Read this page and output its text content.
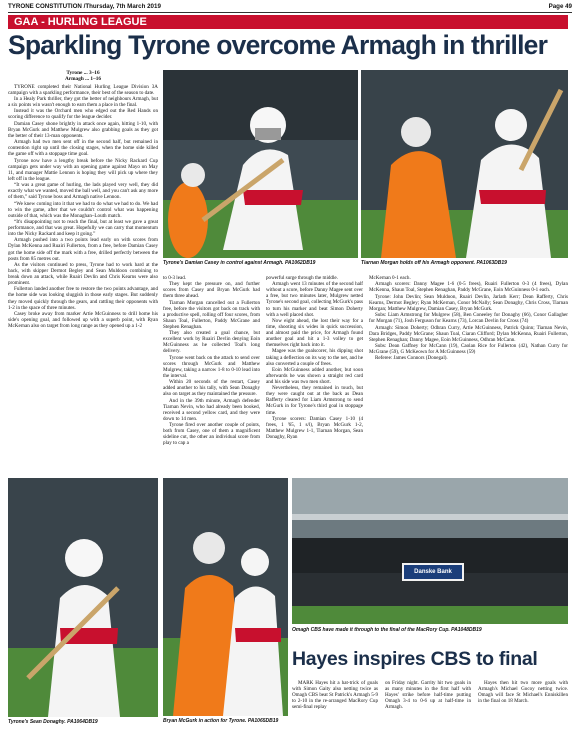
TYRONE CONSTITUTION /Thursday, 7th March 2019	Page 49
GAA - HURLING LEAGUE
Sparkling Tyrone overcome Armagh in thriller
Tyrone ... 3–16
Armagh ... 1–16

TYRONE completed their National Hurling League Division 3A campaign with a sparkling performance, their best of the season to date.

In a Healy Park thriller, they got the better of neighbours Armagh, but a six points win wasn't enough to earn them a place in the final.

Instead it was the Orchard men who edged out the Red Hands on scoring difference to qualify for the league decider.

Damian Casey shone brightly in attack once again, hitting 1-10, with Bryan McGurk and Matthew Mulgrew also grabbing goals as they got the better of their 13-man opponents.

Armagh had two men sent off in the second half, but remained in contention right up until the closing stages, when the home side killed the game off with a stoppage time goal.

Tyrone now have a lengthy break before the Nicky Rackard Cup campaign gets under way with an opening game against Mayo on May 11, and manager Mattie Lennon is hoping they will pick up where they left off in the league.

“It was a great game of hurling, the lads played very well, they did exactly what we wanted, moved the ball well, and you can't ask any more of them,” said Tyrone boss and Armagh native Lennon.

“We knew coming into it that we had to do what we had to do. We had to win the game, after that we couldn't control what was happening outside of that, which was the Monaghan–Louth match.

“It's disappointing not to reach the final, but at least we gave a great performance, and that was great. Hopefully we can carry that momentum into the Nicky Rackard and keep it going.”

Armagh pushed into a two points lead early on with scores from Dylan McKenna and Ruairi Fullerton, from a free, before Damian Casey got the home side off the mark with a free, drilled perfectly between the posts from 85 metres out.

As the visitors continued to press, Tyrone had to work hard at the back, with skipper Dermot Begley and Sean Muldoon combining to break down an attack, while Ruairi Devlin and Chris Kearns were also prominent.

Fullerton landed another free to restore the two points advantage, and the home side was looking sluggish in those early stages. But suddenly they moved quickly through the gears, and rattling their opponents with 1-2 in the space of three minutes.

Casey broke away from marker Artie McGuinness to drill home his side's opening goal, and followed up with a superb point, with Ryan McKernan also on target from long range as they opened up a 1-2

Tyrone's Damian Casey in control against Armagh. PA1062DB19	Tiarnan Morgan holds off his Armagh opponent. PA1063DB19

to 0-3 lead.

They kept the pressure on, and further scores from Casey and Bryan McGurk had them three ahead.

Tiarnan Morgan cancelled out a Fullerton free, before the visitors got back on track with a productive spell, rolling off four scores, from Shaun Toal, Fullerton, Paddy McGrane and Stephen Renaghan.

They also created a goal chance, but excellent work by Ruairi Devlin denying Eoin McGuinness as he collected Toal's long delivery.

Tyrone went back on the attack to send over scores through McGurk and Matthew Mulgrew, taking a narrow 1-8 to 0-10 lead into the interval.

Within 20 seconds of the restart, Casey added another to his tally, with Sean Donaghy also on target as they maintained the pressure.

And in the 39th minute, Armagh defender Tiarnan Nevin, who had already been booked, received a second yellow card, and they were down to 14 men.

Tyrone fired over another couple of points, both from Casey, one of them a magnificent sideline cut, the other an individual score from play to cap a

powerful surge through the middle.

Armagh went 13 minutes of the second half without a score, before Danny Magee sent over a free, but two minutes later, Mulgrew netted Tyrone's second goal, collecting McGurk's pass to turn his marker and beat Simon Doherty with a well placed shot.

Now eight ahead, the lost their way for a time, shooting six wides in quick succession, and almost paid the price, for Armagh found another goal and hit a 1-3 volley to get themselves right back into it.

Magee was the goalscorer, his dipping shot taking a deflection on its way to the net, and he also converted a couple of frees.

Eoin McGuinness added another, but soon afterwards he was shown a straight red card and his side was two men short.

Nevertheless, they remained in touch, but they were caught out at the back as Dean Rafferty cleared for Liam Armstrong to send McGurk in for Tyrone's third goal in stoppage time.

Tyrone scorers: Damian Casey 1-10 (4 frees, 1 '65, 1 s/l), Bryan McGurk 1-2, Matthew Mulgrew 1-1, Tiarnan Morgan, Sean Donaghy, Ryan

McKernan 0-1 each.

Armagh scorers: Danny Magee 1-6 (0-5 frees), Ruairi Fullerton 0-3 (4 frees), Dylan McKenna, Shaun Toal, Stephen Renaghan, Paddy McGrane, Eoin McGuinness 0-1 each.

Tyrone: John Devlin; Sean Muldoon, Ruairi Devlin, Jarlath Kerr; Dean Rafferty, Chris Kearns, Dermot Begley; Ryan McKernan, Conor McNally; Sean Donaghy, Chris Cross, Tiarnan Morgan; Matthew Mulgrew, Damian Casey, Bryan McGurk.

Subs: Liam Armstrong for Mulgrew (58), Ben Coneeley for Donaghy (66), Conor Gallagher for Morgan (71), Josh Ferguson for Kearns (73), Lorcan Devlin for Cross (74)

Armagh: Simon Doherty; Odhran Curry, Artie McGuinness, Patrick Quinn; Tiarnan Nevin, Dara Bridges, Paddy McGrane; Shaun Toal, Ciaran Clifford; Dylan McKenna, Ruairi Fullerton, Stephen Renaghan; Danny Magee, Eoin McGuinness, Odhran McCann.

Subs: Dean Gaffney for McCann (19), Caolan Rice for Fullerton (42), Nathan Curry for McGrane (59), G McKeown for A McGuinness (59)

Referee: James Connors (Donegal).

Tyrone's Sean Donaghy. PA1064DB19	Bryan McGurk in action for Tyrone. PA1065DB19
Danske Bank
Omagh CBS have made it through to the final of the MacRory Cup. PA1048DB19
Hayes inspires CBS to final

MARK Hayes hit a hat-trick of goals with Simon Gaity also netting twice as Omagh CBS beat St Patrick's Armagh 5-9 to 2-10 in the re-arranged MacRory Cup semi-final replay

on Friday night. Garrity hit two goals in as many minutes in the first half with Hayes' strike before half-time putting Omagh 3-4 to 0-6 up at half-time in Armagh.

Hayes then hit two more goals with Armagh's Michael Gocoy netting twice. Omagh will face St Michael's Enniskillen in the final on 18 March.
